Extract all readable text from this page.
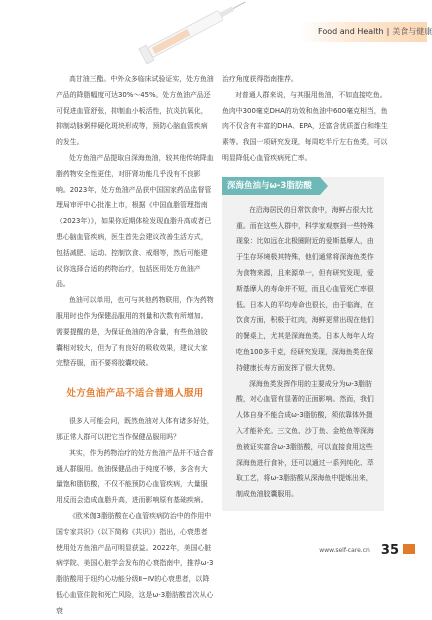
Food and Health | 美食与健康

高甘油三酯。中外众多临床试验证实，处方鱼油产品的降脂幅度可达30%～45%。处方鱼油产品还可促进血管舒张，抑制血小板活性，抗炎抗氧化，抑制动脉粥样硬化斑块形成等，预防心脑血管疾病的发生。

处方鱼油产品提取自深海鱼油，较其他传统降血脂药物安全性更佳，对肝肾功能几乎没有不良影响。2023年，处方鱼油产品获中国国家药品监督管理局审评中心批准上市，根据《中国血脂管理指南（2023年）》，如果你近期体检发现血脂升高或者已患心脑血管疾病，医生首先会建议改善生活方式，包括减肥、运动、控制饮食、戒烟等，然后可能建议你选择合适的药物治疗，包括医用处方鱼油产品。

鱼油可以单用，也可与其他药物联用，作为药物服用时也作为保健品服用的剂量和次数有所增加。需要提醒的是，为保证鱼油的净含量，有些鱼油胶囊相对较大，但为了有良好的吸收效果，建议大家完整吞服，而不要将胶囊咬破。

处方鱼油产品不适合普通人服用

很多人可能会问，既然鱼油对人体有诸多好处，那正常人群可以把它当作保健品服用吗？

其实，作为药物治疗的处方鱼油产品并不适合普通人群服用。鱼油保健品由于纯度不够，多含有大量饱和脂肪酸，不仅不能预防心血管疾病，大量服用反而会造成血脂升高，进而影响原有基础疾病。

《欧米伽3脂肪酸在心血管疾病防治中的作用中国专家共识》（以下简称《共识》）指出，心衰患者使用处方鱼油产品可明显获益。2022年，美国心脏病学院、美国心脏学会发布的心衰指南中，推荐ω-3脂肪酸用于纽约心功能分级Ⅱ~Ⅳ的心衰患者，以降低心血管住院和死亡风险，这是ω-3脂肪酸首次从心衰

治疗角度获得指南推荐。

对普通人群来说，与其服用鱼油，不如直接吃鱼。鱼肉中300毫克DHA的功效和鱼油中600毫克相当，鱼肉不仅含有丰富的DHA、EPA，还富含优质蛋白和维生素等。我国一项研究发现，每周吃半斤左右鱼类，可以明显降低心血管疾病死亡率。

深海鱼油与ω-3脂肪酸

在沿海居民的日常饮食中，海鲜占很大比重。而在这些人群中，科学家观察到一些特殊现象：比如远在北极圈附近的爱斯基摩人，由于生存环境极其特殊，他们通常将深海鱼类作为食物来源，且来源单一，但有研究发现，爱斯基摩人的寿命并不短，而且心血管死亡率很低。日本人的平均寿命也很长，由于临海，在饮食方面，积极于红肉，海鲜更常出现在他们的餐桌上，尤其是深海鱼类。日本人每年人均吃鱼100多千克，经研究发现，深海鱼类在保持健康长寿方面发挥了很大优势。

深海鱼类发挥作用的主要成分为ω-3脂肪酸，对心血管有显著的正面影响。然而，我们人体自身不能合成ω-3脂肪酸，须依靠体外摄入才能补充。三文鱼、沙丁鱼、金枪鱼等深海鱼被证实富含ω-3脂肪酸，可以直接食用这些深海鱼进行食补，还可以通过一系列纯化、萃取工艺，将ω-3脂肪酸从深海鱼中提炼出来，制成鱼油胶囊服用。

www.self-care.cn 35
